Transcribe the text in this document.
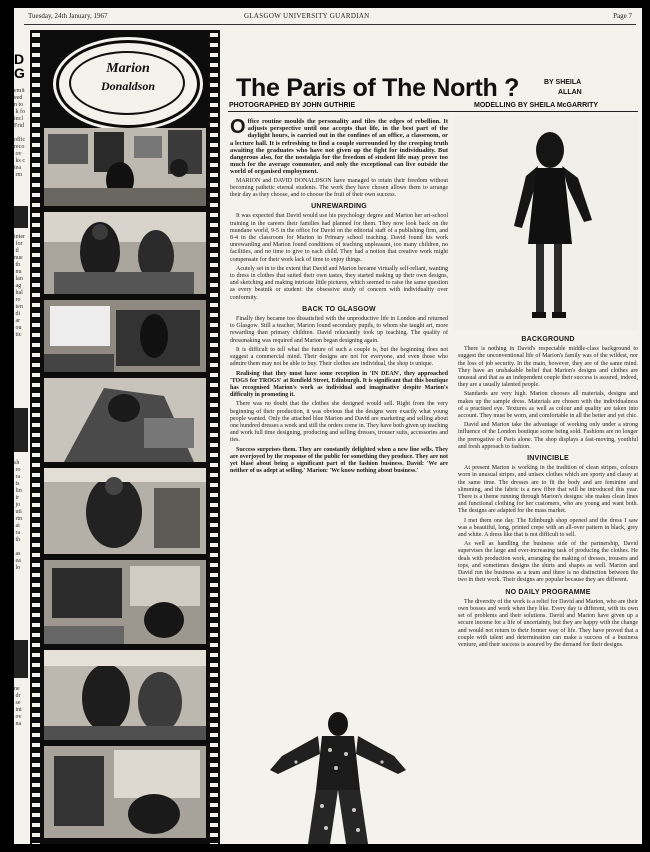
Tuesday, 24th January, 1967	GLASGOW UNIVERSITY GUARDIAN	Page 7
D
G
emit
eed
n to
k fo
incl
Frid

offic
reco
ov
ks c
tea
rm
inter
for
tl
nue
th
nu
lan
ag
hal
ro
ten
di
ar
ou
tic
sh
ro
ra
ts
lin
ir
jo
uti
rtn
ai
ra
th

as
ea
lo
ne
dr
se
int
ov
na
Marion
Donaldson	The Paris of The North ?	BY SHEILA
ALLAN
PHOTOGRAPHED BY JOHN GUTHRIE	MODELLING BY SHEILA McGARRITY

Office routine moulds the personality and tiles the edges of rebellion. It adjusts perspective until one accepts that life, in the best part of the daylight hours, is carried out in the confines of an office, a classroom, or a lecture hall. It is refreshing to find a couple surrounded by the creeping truth awaiting the graduates who have not given up the fight for individuality. But dangerous also, for the nostalgia for the freedom of student life may prove too much for the average commuter, and only the exceptional can live outside the world of organised employment.

MARION and DAVID DONALDSON have managed to retain their freedom without becoming pathetic eternal students. The work they have chosen allows them to arrange their day as they choose, and to choose the fruit of their own success.

UNREWARDING

It was expected that David would use his psychology degree and Marion her art-school training in the careers their families had planned for them. They now look back on the mundane world, 9-5 in the office for David on the editorial staff of a publishing firm, and 8-4 in the classroom for Marion in Primary school teaching. David found his work unrewarding and Marion found conditions of teaching unpleasant, too many children, no facilities, and no time to give to each child. They had a notion that creative work might compensate for their work lack of time to enjoy things.

Acutely set in to the extent that David and Marion became virtually self-reliant, wanting to dress in clothes that suited their own tastes, they started making up their own designs, and sketching and making intricate little pictures, which seemed to raise the same question as every beatnik or student: the obsessive study of concern with individuality over conformity.

BACK TO GLASGOW

Finally they became too dissatisfied with the unproductive life in London and returned to Glasgow. Still a teacher, Marion found secondary pupils, to whom she taught art, more rewarding than primary children. David reluctantly took up teaching. The quality of dressmaking was required and Marion began designing again.

It is difficult to tell what the future of such a couple is, but the beginning does not suggest a commercial mind. Their designs are not for everyone, and even those who admire them may not be able to buy. Their clothes are individual, the shop is unique.

Realising that they must have some reception in 'IN DEAN', they approached 'TOGS for TROGS' at Renfield Street, Edinburgh. It is significant that this boutique has recognised Marion's work as individual and imaginative despite Marion's difficulty in promoting it.

There was no doubt that the clothes she designed would sell. Right from the very beginning of their production, it was obvious that the designs were exactly what young people wanted. Only the attached blue Marion and David are marketing and selling about one hundred dresses a week and still the orders come in. They have both given up teaching and work full time designing, producing and selling dresses, trouser suits, accessories and ties.

Success surprises them. They are constantly delighted when a new line sells. They are overjoyed by the response of the public for something they produce. They are not yet blasé about being a significant part of the fashion business. David: 'We are neither of us adept at selling.' Marion: 'We know nothing about business.'

BACKGROUND

There is nothing in David's respectable middle-class background to suggest the unconventional life of Marion's family was of the wildest, nor the loss of job security. In the main, however, they are of the same mind. They have an unshakable belief that Marion's designs and clothes are unusual and that as an independent couple their success is assured, indeed, they are a usually talented people.

Standards are very high. Marion chooses all materials, designs and makes up the sample dress. Materials are chosen with the individualness of a practised eye. Textures as well as colour and quality are taken into account. They must be worn, and comfortable in all the better and yet chic.

David and Marion take the advantage of working only under a strong influence of the London boutique scene being sold. Fashions are no longer the prerogative of Paris alone. The shop displays a fast-moving, youthful and fresh approach to fashion.

INVINCIBLE

At present Marion is working in the tradition of clean stripes, colours worn in unusual stripes, and unisex clothes which are sporty and classy at the same time. The dresses are to fit the body and are feminine and slimming, and the fabric is a new fibre that will be introduced this year. There is a theme running through Marion's designs: she makes clean lines and functional clothing for her customers, who are young and want both. The designs are adapted for the mass market.

I met them one day. The Edinburgh shop opened and the dress I saw was a beautiful, long, printed crepe with an all-over pattern in black, grey and white. A dress like that is not difficult to sell.

As well as handling the business side of the partnership, David supervises the large and ever-increasing task of producing the clothes. He deals with production work, arranging the making of dresses, trousers and tops, and sometimes designs the shirts and shapes as well. Marion and David run the business as a team and there is no distinction between the two in their work. Their designs are popular because they are different.

NO DAILY PROGRAMME

The diversity of the work is a relief for David and Marion, who are their own bosses and work when they like. Every day is different, with its own set of problems and their solutions. David and Marion have given up a secure income for a life of uncertainty, but they are happy with the change and would not return to their former way of life. They have proved that a couple with talent and determination can make a success of a business venture, and their success is assured by the demand for their designs.
